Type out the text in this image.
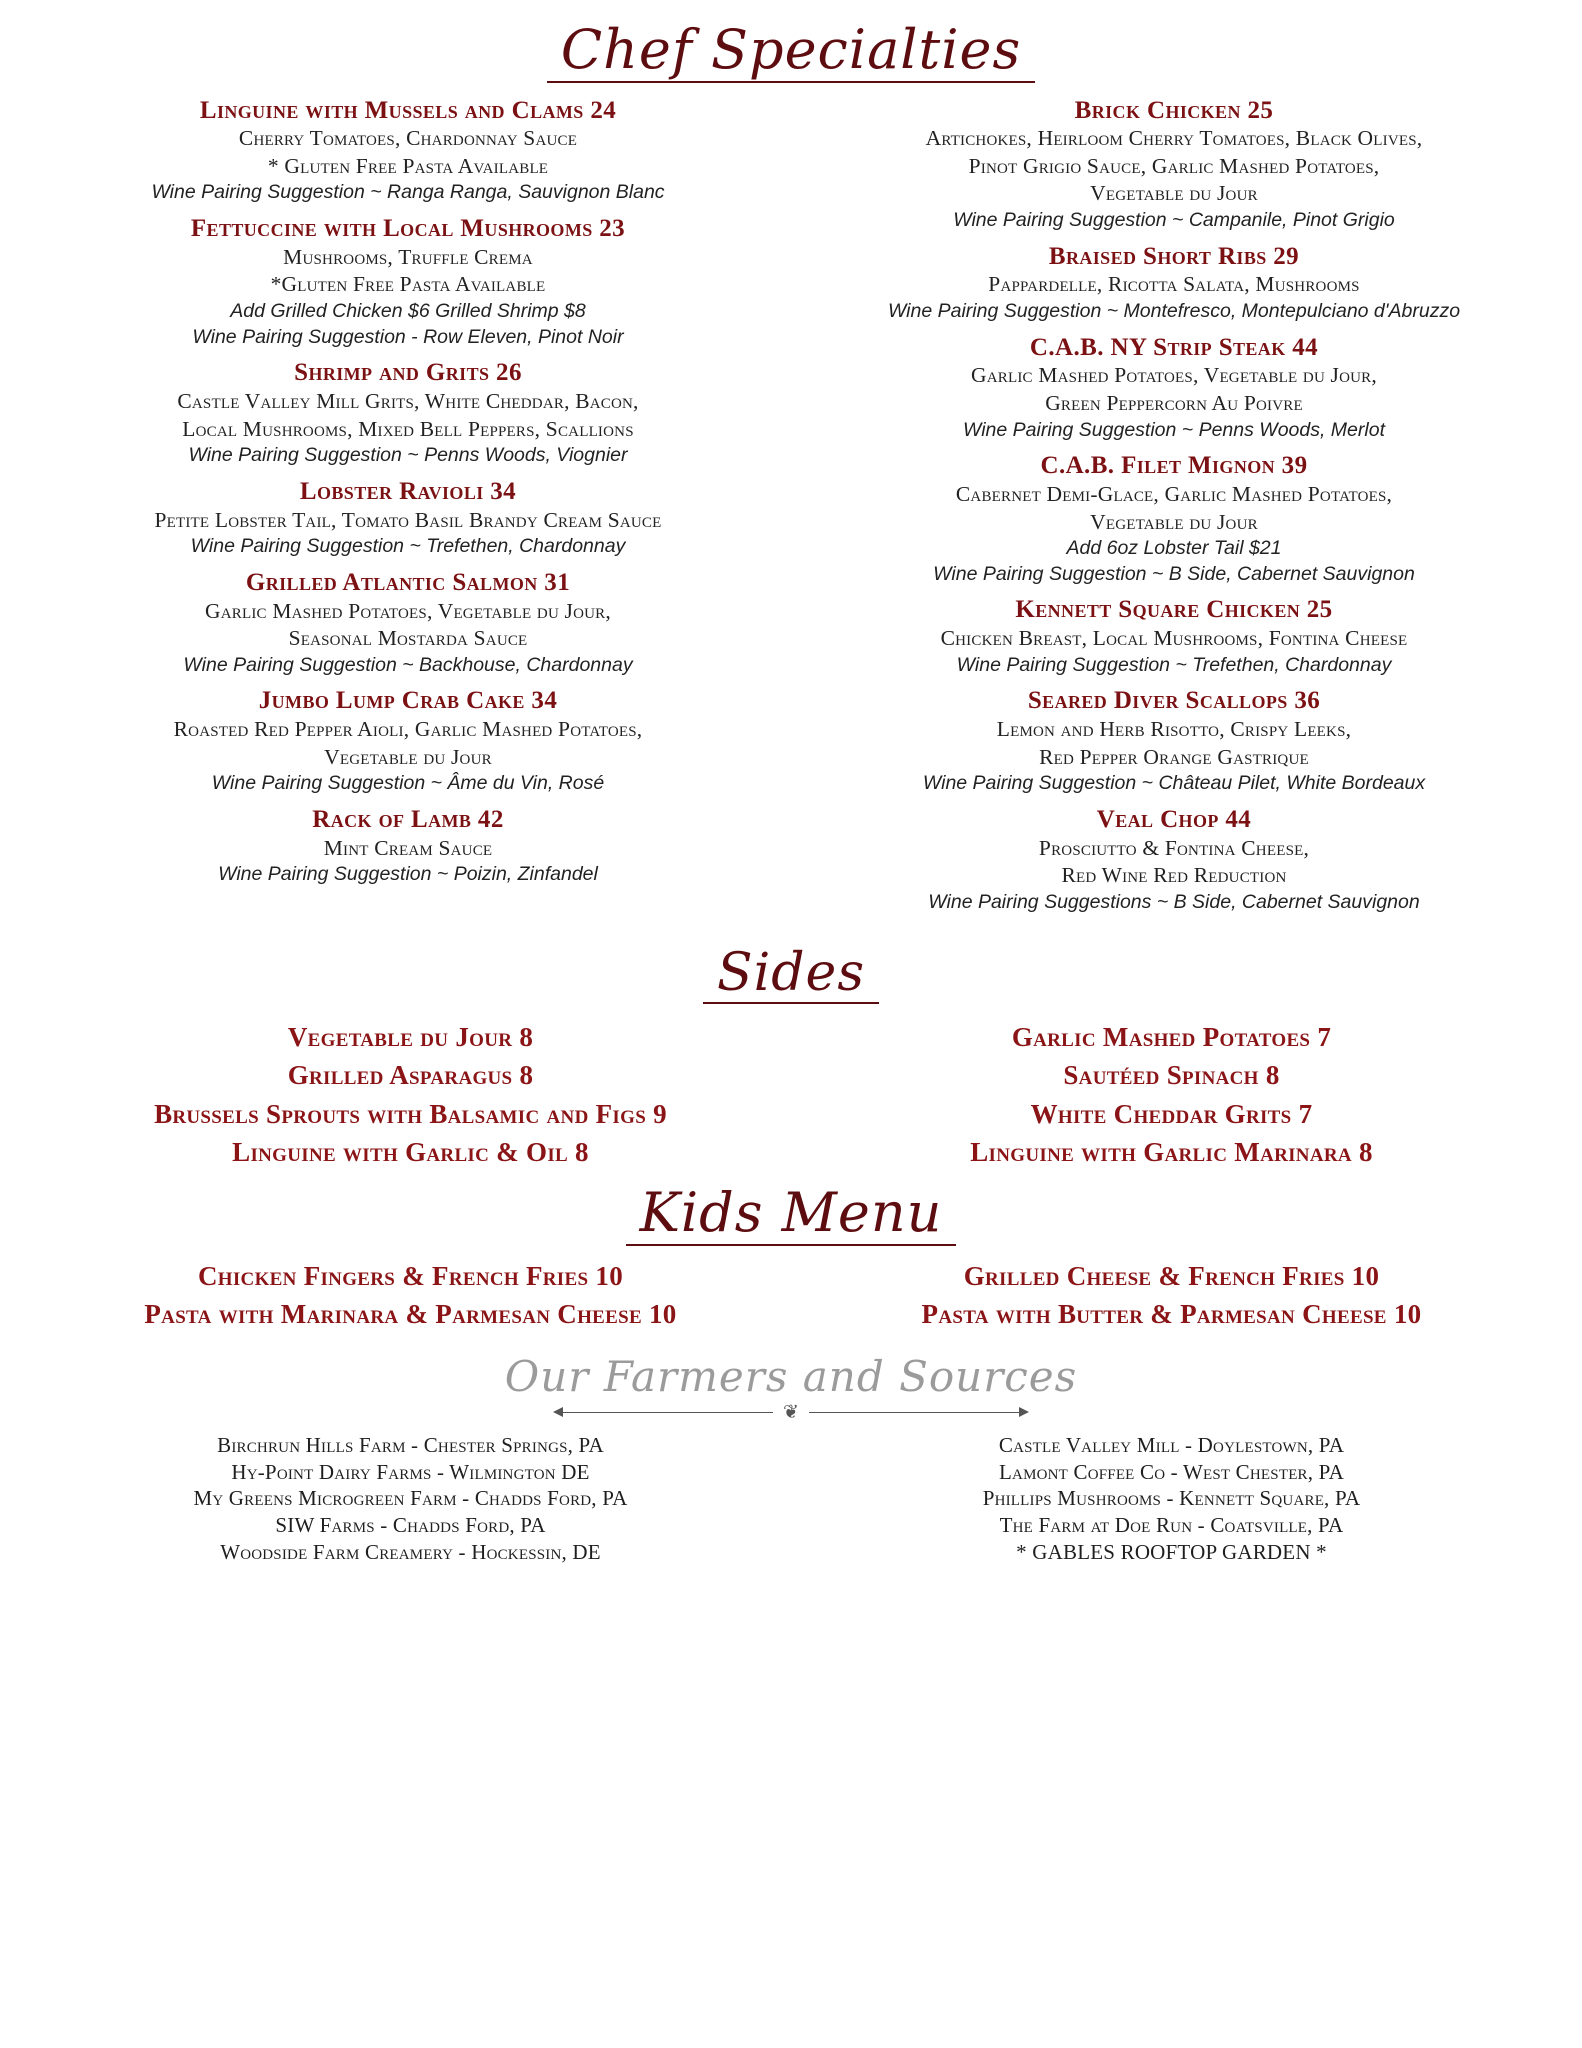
Chef Specialties
Linguine with Mussels and Clams 24
Cherry Tomatoes, Chardonnay Sauce
* Gluten Free Pasta Available
Wine Pairing Suggestion ~ Ranga Ranga, Sauvignon Blanc
Fettuccine with Local Mushrooms 23
Mushrooms, Truffle Crema
*Gluten Free Pasta Available
Add Grilled Chicken $6 Grilled Shrimp $8
Wine Pairing Suggestion - Row Eleven, Pinot Noir
Shrimp and Grits 26
Castle Valley Mill Grits, White Cheddar, Bacon,
Local Mushrooms, Mixed Bell Peppers, Scallions
Wine Pairing Suggestion ~ Penns Woods, Viognier
Lobster Ravioli 34
Petite Lobster Tail, Tomato Basil Brandy Cream Sauce
Wine Pairing Suggestion ~ Trefethen, Chardonnay
Grilled Atlantic Salmon 31
Garlic Mashed Potatoes, Vegetable du Jour,
Seasonal Mostarda Sauce
Wine Pairing Suggestion ~ Backhouse, Chardonnay
Jumbo Lump Crab Cake 34
Roasted Red Pepper Aioli, Garlic Mashed Potatoes,
Vegetable du Jour
Wine Pairing Suggestion ~ Âme du Vin, Rosé
Rack of Lamb 42
Mint Cream Sauce
Wine Pairing Suggestion ~ Poizin, Zinfandel
Brick Chicken 25
Artichokes, Heirloom Cherry Tomatoes, Black Olives,
Pinot Grigio Sauce, Garlic Mashed Potatoes,
Vegetable du Jour
Wine Pairing Suggestion ~ Campanile, Pinot Grigio
Braised Short Ribs 29
Pappardelle, Ricotta Salata, Mushrooms
Wine Pairing Suggestion ~ Montefresco, Montepulciano d'Abruzzo
C.A.B. NY Strip Steak 44
Garlic Mashed Potatoes, Vegetable du Jour,
Green Peppercorn Au Poivre
Wine Pairing Suggestion ~ Penns Woods, Merlot
C.A.B. Filet Mignon 39
Cabernet Demi-Glace, Garlic Mashed Potatoes,
Vegetable du Jour
Add 6oz Lobster Tail $21
Wine Pairing Suggestion ~ B Side, Cabernet Sauvignon
Kennett Square Chicken 25
Chicken Breast, Local Mushrooms, Fontina Cheese
Wine Pairing Suggestion ~ Trefethen, Chardonnay
Seared Diver Scallops 36
Lemon and Herb Risotto, Crispy Leeks,
Red Pepper Orange Gastrique
Wine Pairing Suggestion ~ Château Pilet, White Bordeaux
Veal Chop 44
Prosciutto & Fontina Cheese,
Red Wine Red Reduction
Wine Pairing Suggestions ~ B Side, Cabernet Sauvignon
Sides
Vegetable du Jour 8
Grilled Asparagus 8
Brussels Sprouts with Balsamic and Figs 9
Linguine with Garlic & Oil 8
Garlic Mashed Potatoes 7
Sautéed Spinach 8
White Cheddar Grits 7
Linguine with Garlic Marinara 8
Kids Menu
Chicken Fingers & French Fries 10
Pasta with Marinara & Parmesan Cheese 10
Grilled Cheese & French Fries 10
Pasta with Butter & Parmesan Cheese 10
Our Farmers and Sources
❦
Birchrun Hills Farm - Chester Springs, PA
Hy-Point Dairy Farms - Wilmington DE
My Greens Microgreen Farm - Chadds Ford, PA
SIW Farms - Chadds Ford, PA
Woodside Farm Creamery - Hockessin, DE
Castle Valley Mill - Doylestown, PA
Lamont Coffee Co - West Chester, PA
Phillips Mushrooms - Kennett Square, PA
The Farm at Doe Run - Coatsville, PA
* GABLES ROOFTOP GARDEN *
